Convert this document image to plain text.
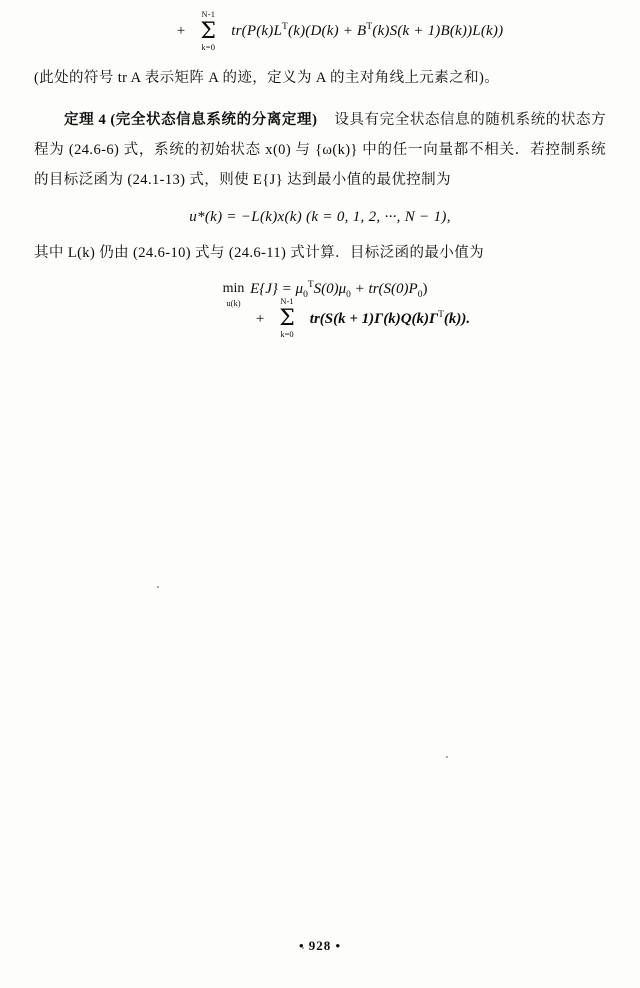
+
N-1
Σ
k=0
$tr(P(k)L^T(k)(D(k) + B^T(k)S(k + 1)B(k))L(k))$

(此处的符号 tr A 表示矩阵 A 的迹，定义为 A 的主对角线上元素之和)。

定理 4 (完全状态信息系统的分离定理) 设具有完全状态信息的随机系统的状态方程为 (24.6-6) 式，系统的初始状态 x(0) 与 {ω(k)} 中的任一向量都不相关．若控制系统的目标泛函为 (24.1-13) 式，则使 E{J} 达到最小值的最优控制为

u*(k) = −L(k)x(k) (k = 0, 1, 2, ···, N − 1),

其中 L(k) 仍由 (24.6-10) 式与 (24.6-11) 式计算．目标泛函的最小值为

min
u(k)
$E\{J\} = \mu_0^TS(0)\mu_0 + tr(S(0)P_0)$
+
N-1
Σ
k=0
$tr(S(k + 1)\Gamma(k)Q(k)\Gamma^T(k))$.
• 928 •
